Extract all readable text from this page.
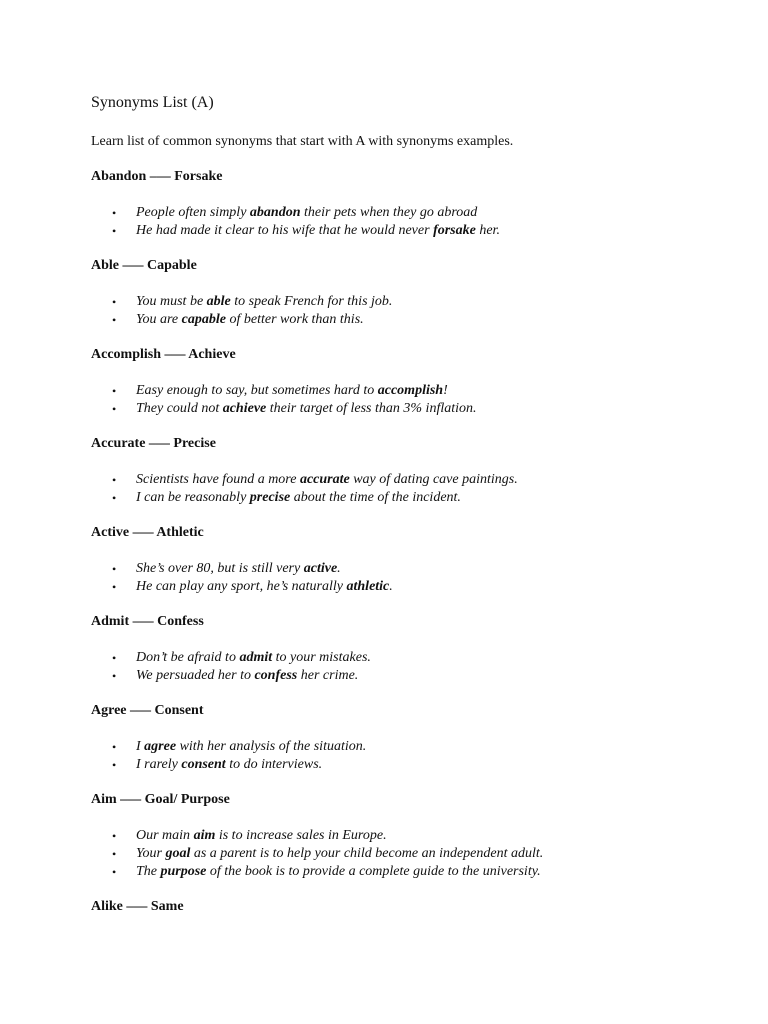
Synonyms List (A)

Learn list of common synonyms that start with A with synonyms examples.

Abandon –— Forsake

• People often simply abandon their pets when they go abroad
• He had made it clear to his wife that he would never forsake her.

Able –— Capable

• You must be able to speak French for this job.
• You are capable of better work than this.

Accomplish –— Achieve

• Easy enough to say, but sometimes hard to accomplish!
• They could not achieve their target of less than 3% inflation.

Accurate –— Precise

• Scientists have found a more accurate way of dating cave paintings.
• I can be reasonably precise about the time of the incident.

Active –— Athletic

• She’s over 80, but is still very active.
• He can play any sport, he’s naturally athletic.

Admit –— Confess

• Don’t be afraid to admit to your mistakes.
• We persuaded her to confess her crime.

Agree –— Consent

• I agree with her analysis of the situation.
• I rarely consent to do interviews.

Aim –— Goal/ Purpose

• Our main aim is to increase sales in Europe.
• Your goal as a parent is to help your child become an independent adult.
• The purpose of the book is to provide a complete guide to the university.

Alike –— Same
